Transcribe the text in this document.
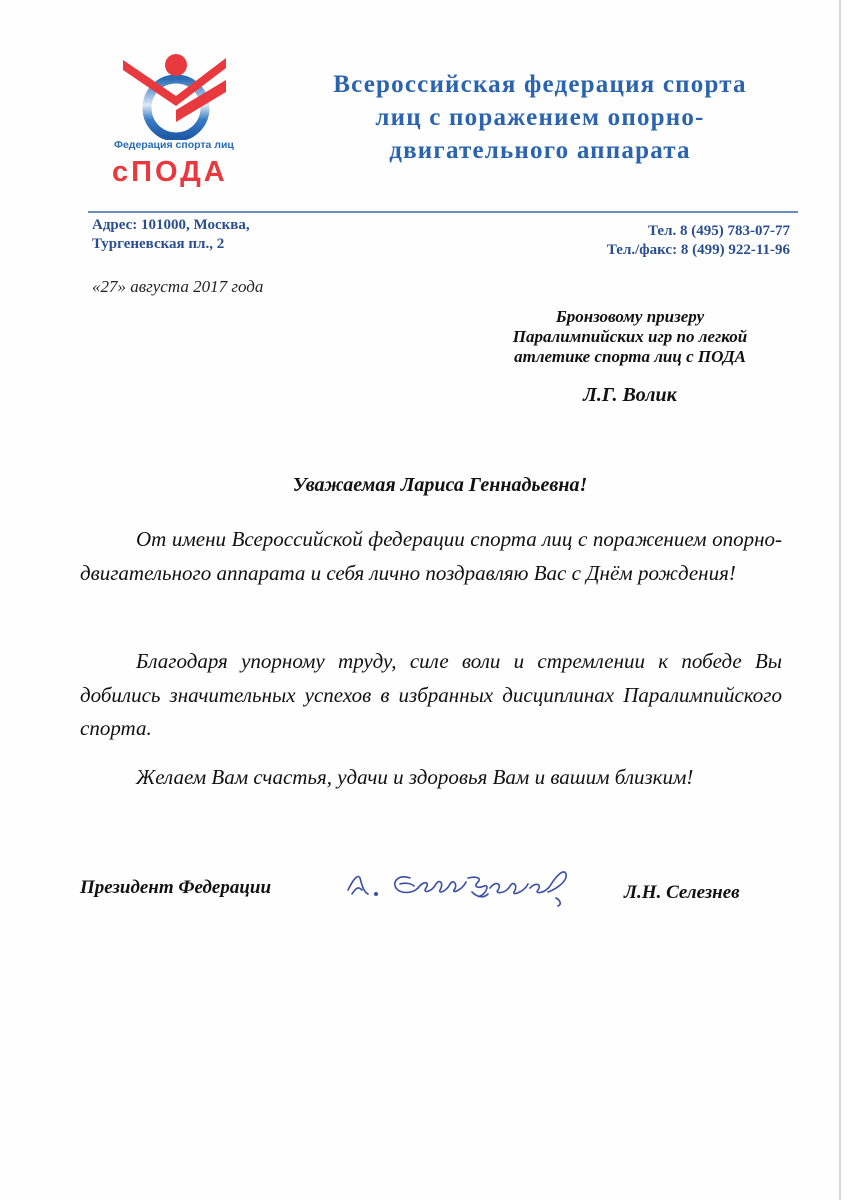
Федерация спорта лиц
сПОДА
Всероссийская федерация спорта
лиц с поражением опорно-
двигательного аппарата
Адрес: 101000, Москва,
Тургеневская пл., 2
Тел. 8 (495) 783-07-77
Тел./факс: 8 (499) 922-11-96
«27» августа 2017 года
Бронзовому призеру
Паралимпийских игр по легкой
атлетике спорта лиц с ПОДА
Л.Г. Волик
Уважаемая Лариса Геннадьевна!
От имени Всероссийской федерации спорта лиц с поражением опорно-двигательного аппарата и себя лично поздравляю Вас с Днём рождения!
Благодаря упорному труду, силе воли и стремлении к победе Вы добились значительных успехов в избранных дисциплинах Паралимпийского спорта.
Желаем Вам счастья, удачи и здоровья Вам и вашим близким!
Президент Федерации	Л.Н. Селезнев
